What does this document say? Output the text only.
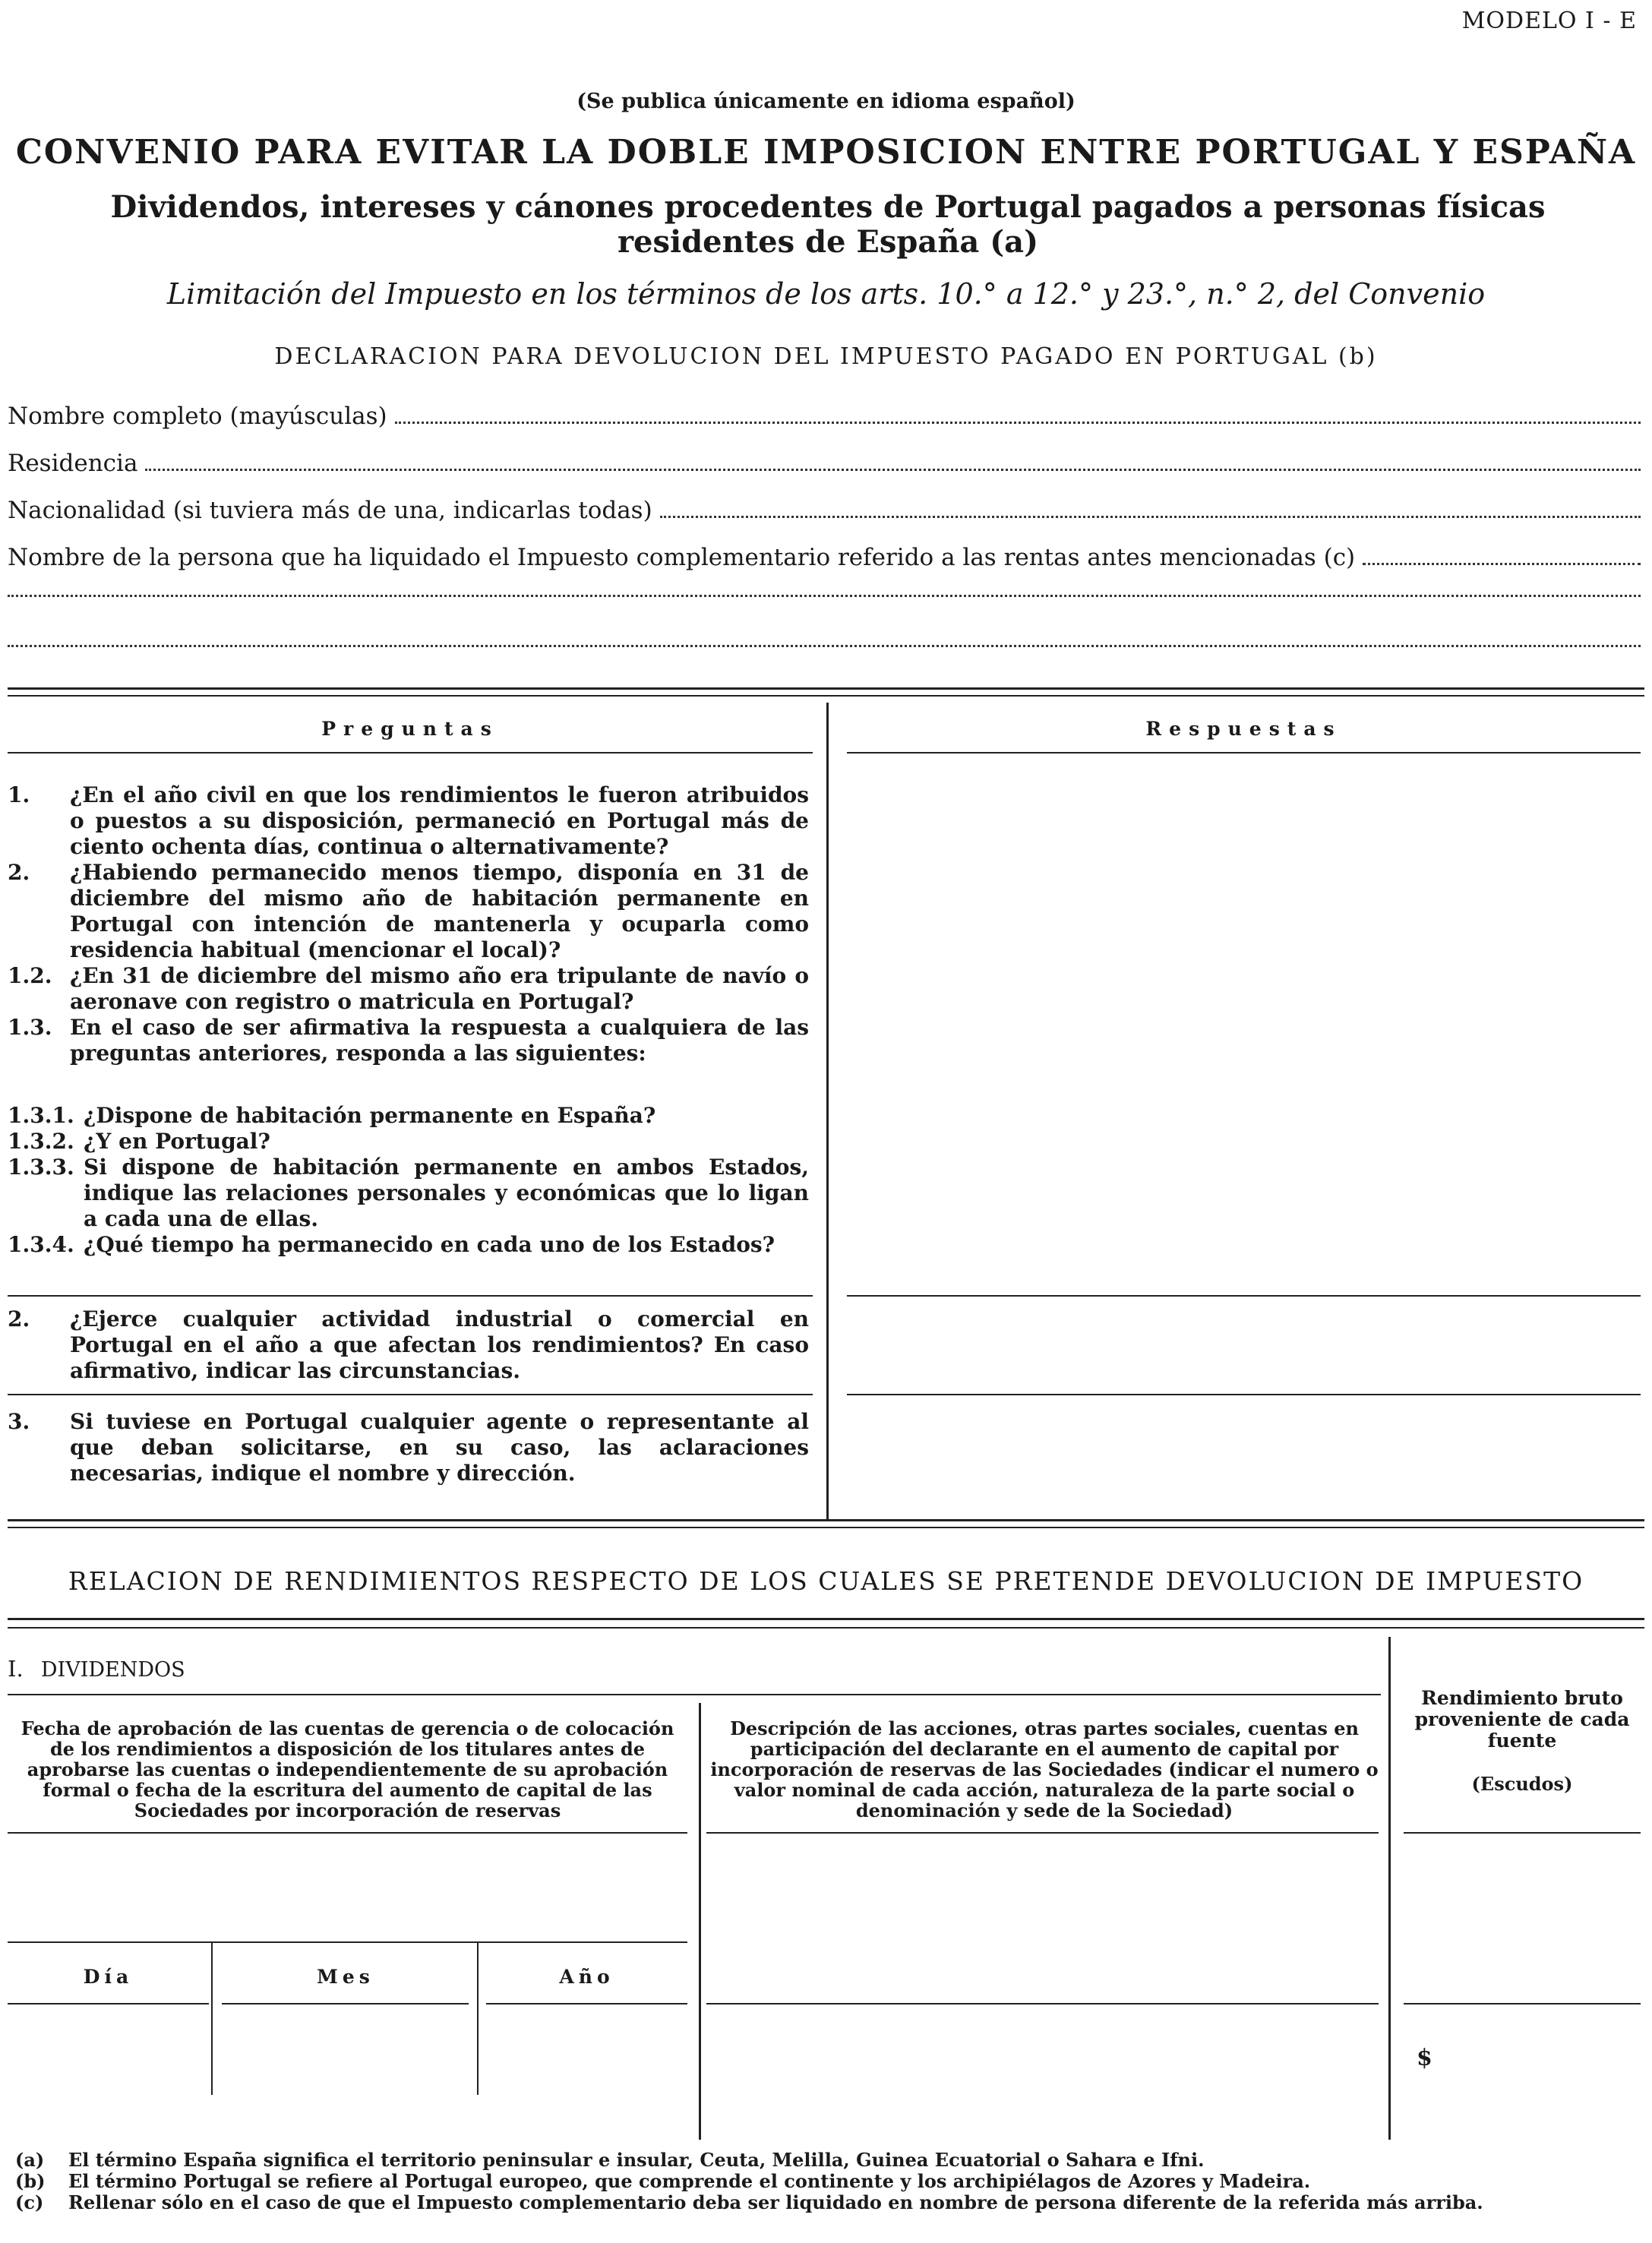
MODELO I - E
(Se publica únicamente en idioma español)
CONVENIO PARA EVITAR LA DOBLE IMPOSICION ENTRE PORTUGAL Y ESPAÑA
Dividendos, intereses y cánones procedentes de Portugal pagados a personas físicas residentes de España (a)
Limitación del Impuesto en los términos de los arts. 10.° a 12.° y 23.°, n.° 2, del Convenio
DECLARACION PARA DEVOLUCION DEL IMPUESTO PAGADO EN PORTUGAL (b)
Nombre completo (mayúsculas)
Residencia
Nacionalidad (si tuviera más de una, indicarlas todas)
Nombre de la persona que ha liquidado el Impuesto complementario referido a las rentas antes mencionadas (c)
Preguntas	Respuestas
1.	¿En el año civil en que los rendimientos le fueron atribuidos o puestos a su disposición, permaneció en Portugal más de ciento ochenta días, continua o alternativamente?
2.	¿Habiendo permanecido menos tiempo, disponía en 31 de diciembre del mismo año de habitación permanente en Portugal con intención de mantenerla y ocuparla como residencia habitual (mencionar el local)?
1.2. ¿En 31 de diciembre del mismo año era tripulante de navío o aeronave con registro o matricula en Portugal?
1.3. En el caso de ser afirmativa la respuesta a cualquiera de las preguntas anteriores, responda a las siguientes:
1.3.1. ¿Dispone de habitación permanente en España?
1.3.2. ¿Y en Portugal?
1.3.3. Si dispone de habitación permanente en ambos Estados, indique las relaciones personales y económicas que lo ligan a cada una de ellas.
1.3.4. ¿Qué tiempo ha permanecido en cada uno de los Estados?
2.	¿Ejerce cualquier actividad industrial o comercial en Portugal en el año a que afectan los rendimientos? En caso afirmativo, indicar las circunstancias.
3.	Si tuviese en Portugal cualquier agente o representante al que deban solicitarse, en su caso, las aclaraciones necesarias, indique el nombre y dirección.
RELACION DE RENDIMIENTOS RESPECTO DE LOS CUALES SE PRETENDE DEVOLUCION DE IMPUESTO
I. DIVIDENDOS
Fecha de aprobación de las cuentas de gerencia o de colocación de los rendimientos a disposición de los titulares antes de aprobarse las cuentas o independientemente de su aprobación formal o fecha de la escritura del aumento de capital de las Sociedades por incorporación de reservas
Descripción de las acciones, otras partes sociales, cuentas en participación del declarante en el aumento de capital por incorporación de reservas de las Sociedades (indicar el numero o valor nominal de cada acción, naturaleza de la parte social o denominación y sede de la Sociedad)
Rendimiento bruto proveniente de cada fuente
(Escudos)
Día	Mes	Año
$
(a)	El término España significa el territorio peninsular e insular, Ceuta, Melilla, Guinea Ecuatorial o Sahara e Ifni.
(b)	El término Portugal se refiere al Portugal europeo, que comprende el continente y los archipiélagos de Azores y Madeira.
(c)	Rellenar sólo en el caso de que el Impuesto complementario deba ser liquidado en nombre de persona diferente de la referida más arriba.
